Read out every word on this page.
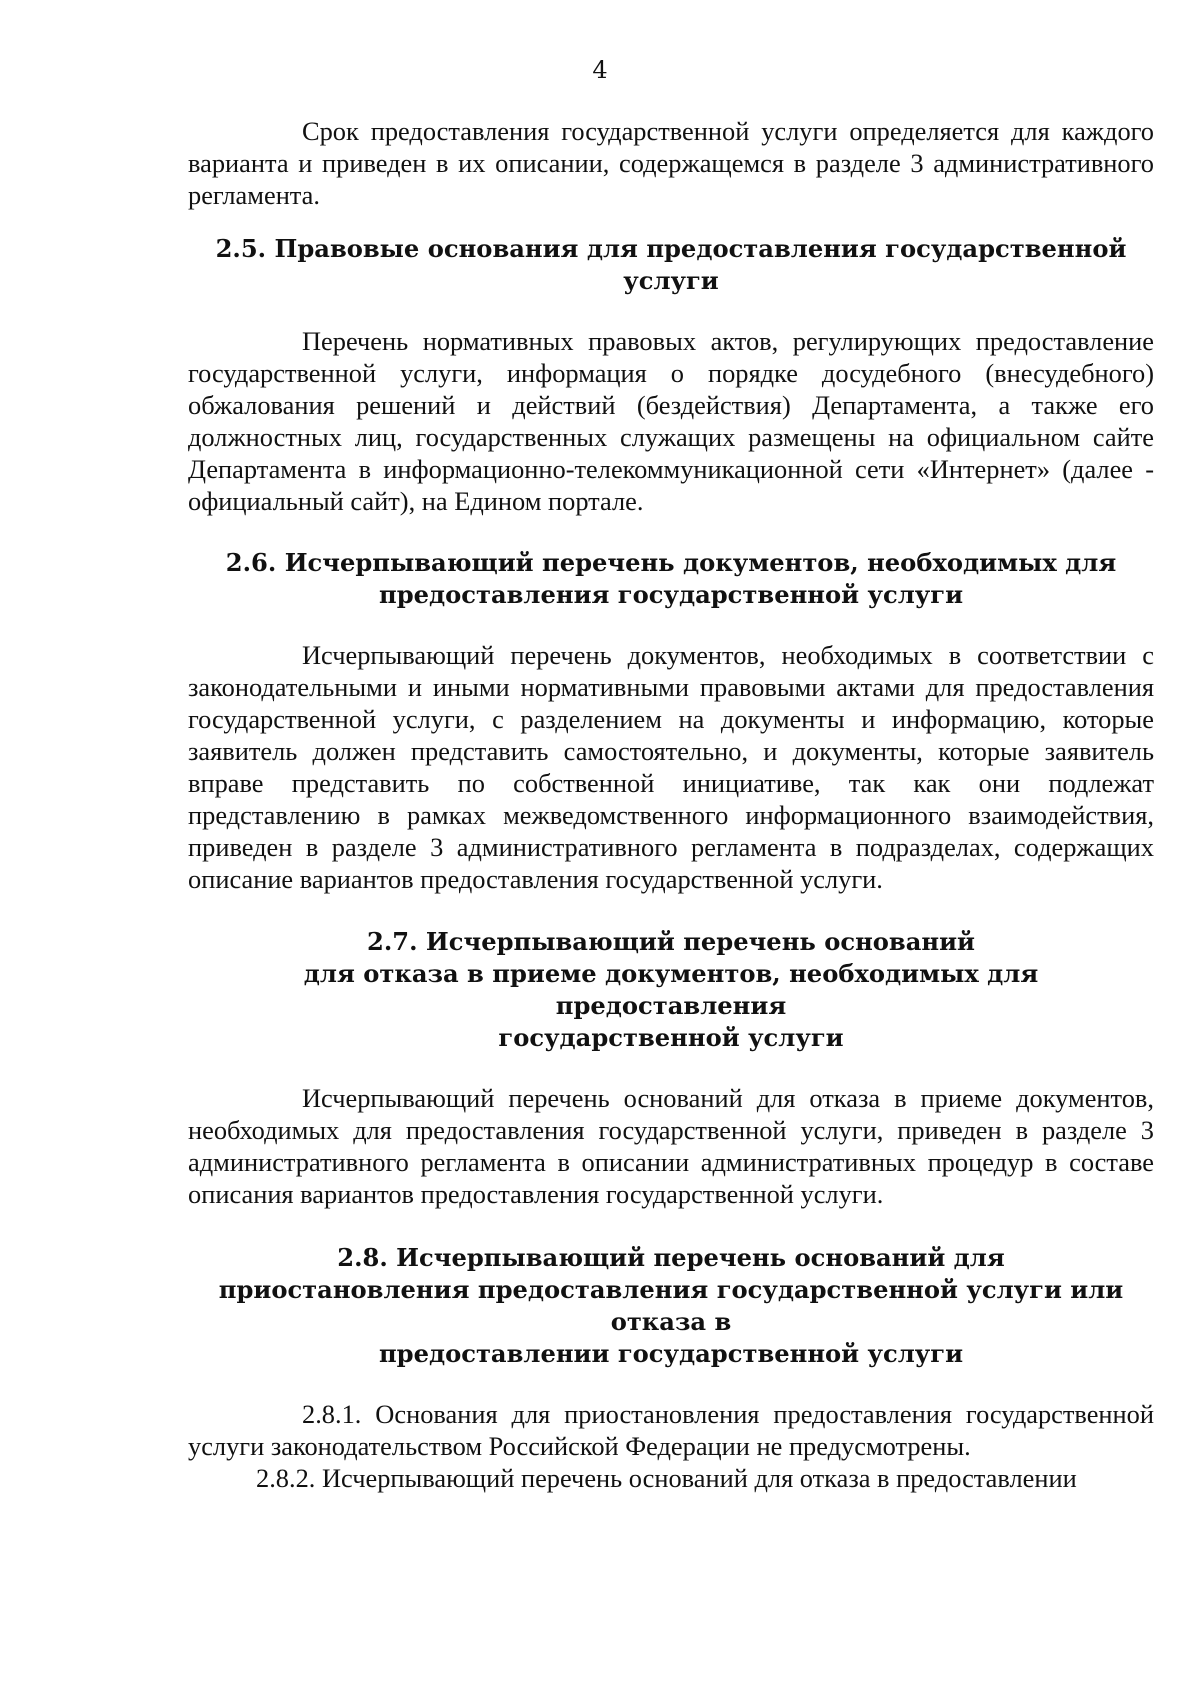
4

Срок предоставления государственной услуги определяется для каждого варианта и приведен в их описании, содержащемся в разделе 3 административного регламента.

2.5. Правовые основания для предоставления государственной
услуги

Перечень нормативных правовых актов, регулирующих предоставление государственной услуги, информация о порядке досудебного (внесудебного) обжалования решений и действий (бездействия) Департамента, а также его должностных лиц, государственных служащих размещены на официальном сайте Департамента в информационно-телекоммуникационной сети «Интернет» (далее - официальный сайт), на Едином портале.

2.6. Исчерпывающий перечень документов, необходимых для
предоставления государственной услуги

Исчерпывающий перечень документов, необходимых в соответствии с законодательными и иными нормативными правовыми актами для предоставления государственной услуги, с разделением на документы и информацию, которые заявитель должен представить самостоятельно, и документы, которые заявитель вправе представить по собственной инициативе, так как они подлежат представлению в рамках межведомственного информационного взаимодействия, приведен в разделе 3 административного регламента в подразделах, содержащих описание вариантов предоставления государственной услуги.

2.7. Исчерпывающий перечень оснований
для отказа в приеме документов, необходимых для предоставления
государственной услуги

Исчерпывающий перечень оснований для отказа в приеме документов, необходимых для предоставления государственной услуги, приведен в разделе 3 административного регламента в описании административных процедур в составе описания вариантов предоставления государственной услуги.

2.8. Исчерпывающий перечень оснований для
приостановления предоставления государственной услуги или отказа в
предоставлении государственной услуги

2.8.1. Основания для приостановления предоставления государственной услуги законодательством Российской Федерации не предусмотрены.

2.8.2. Исчерпывающий перечень оснований для отказа в предоставлении
